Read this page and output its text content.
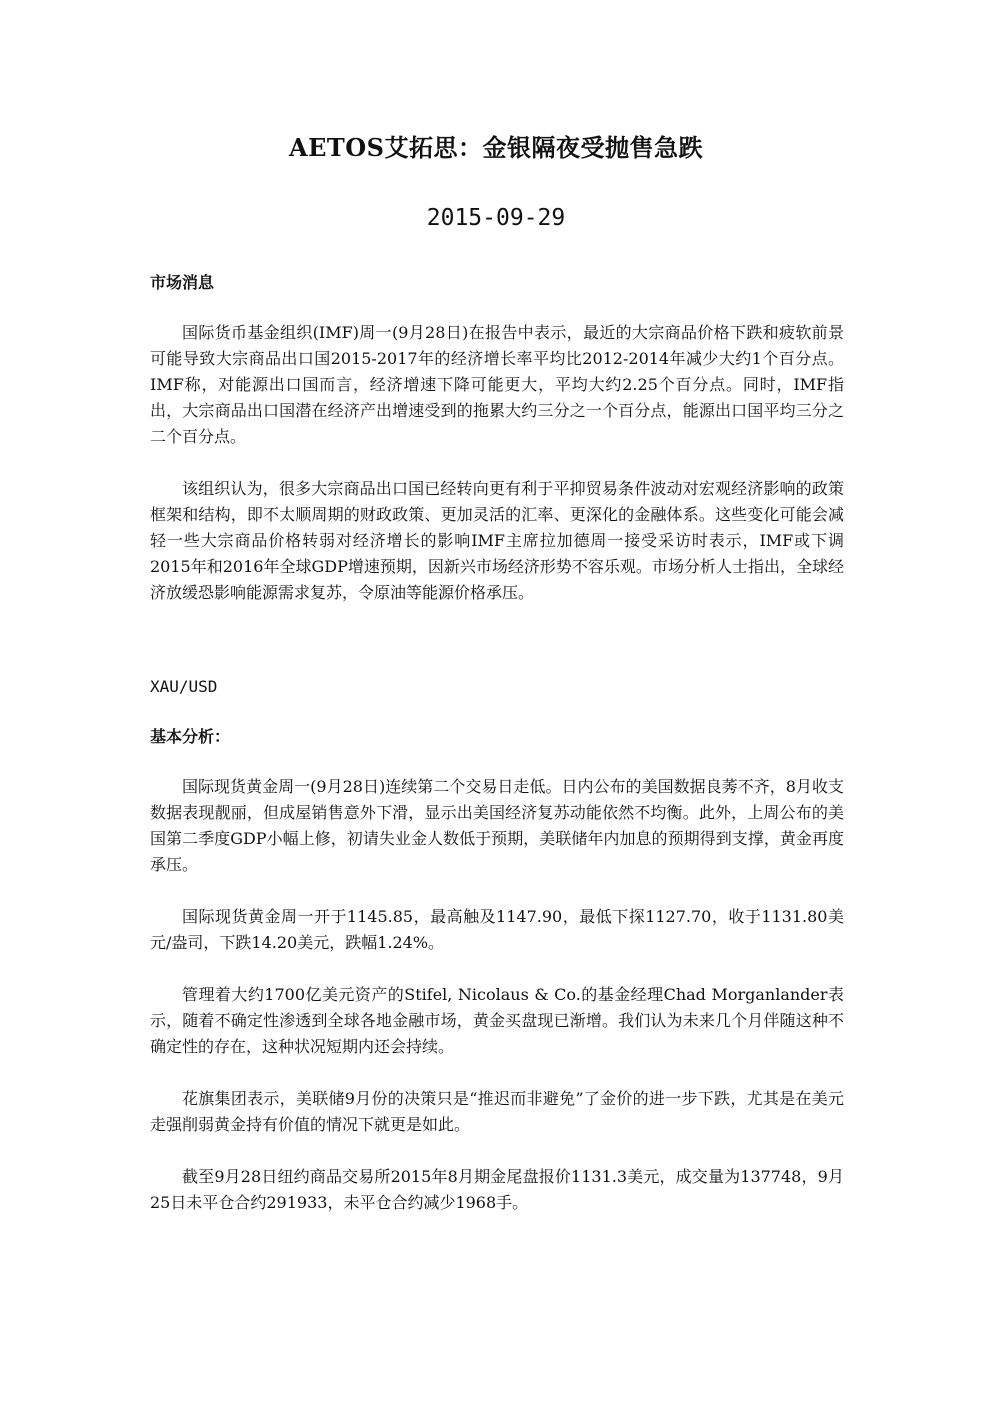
AETOS艾拓思：金银隔夜受抛售急跌
2015-09-29

市场消息

国际货币基金组织(IMF)周一(9月28日)在报告中表示，最近的大宗商品价格下跌和疲软前景可能导致大宗商品出口国2015-2017年的经济增长率平均比2012-2014年减少大约1个百分点。IMF称，对能源出口国而言，经济增速下降可能更大，平均大约2.25个百分点。同时，IMF指出，大宗商品出口国潜在经济产出增速受到的拖累大约三分之一个百分点，能源出口国平均三分之二个百分点。

该组织认为，很多大宗商品出口国已经转向更有利于平抑贸易条件波动对宏观经济影响的政策框架和结构，即不太顺周期的财政政策、更加灵活的汇率、更深化的金融体系。这些变化可能会减轻一些大宗商品价格转弱对经济增长的影响IMF主席拉加德周一接受采访时表示，IMF或下调2015年和2016年全球GDP增速预期，因新兴市场经济形势不容乐观。市场分析人士指出，全球经济放缓恐影响能源需求复苏，令原油等能源价格承压。

XAU/USD

基本分析：

国际现货黄金周一(9月28日)连续第二个交易日走低。日内公布的美国数据良莠不齐，8月收支数据表现靓丽，但成屋销售意外下滑，显示出美国经济复苏动能依然不均衡。此外，上周公布的美国第二季度GDP小幅上修，初请失业金人数低于预期，美联储年内加息的预期得到支撑，黄金再度承压。

国际现货黄金周一开于1145.85，最高触及1147.90，最低下探1127.70，收于1131.80美元/盎司，下跌14.20美元，跌幅1.24%。

管理着大约1700亿美元资产的Stifel, Nicolaus & Co.的基金经理Chad Morganlander表示，随着不确定性渗透到全球各地金融市场，黄金买盘现已渐增。我们认为未来几个月伴随这种不确定性的存在，这种状况短期内还会持续。

花旗集团表示，美联储9月份的决策只是“推迟而非避免”了金价的进一步下跌，尤其是在美元走强削弱黄金持有价值的情况下就更是如此。

截至9月28日纽约商品交易所2015年8月期金尾盘报价1131.3美元，成交量为137748，9月25日未平仓合约291933，未平仓合约减少1968手。
